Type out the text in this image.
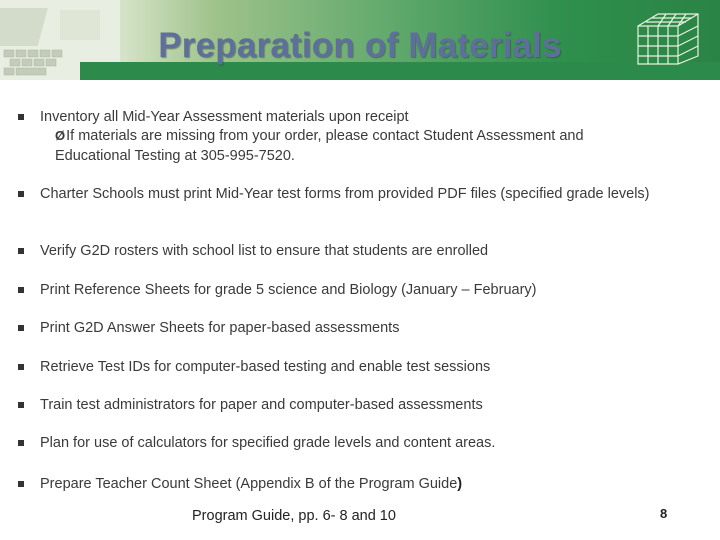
Preparation of Materials
Inventory all Mid-Year Assessment materials upon receipt
ØIf materials are missing from your order, please contact Student Assessment and
Educational Testing at 305-995-7520.
Charter Schools must print Mid-Year test forms from provided PDF files (specified grade levels)
Verify G2D rosters with school list to ensure that students are enrolled
Print Reference Sheets for grade 5 science and Biology (January – February)
Print G2D Answer Sheets for paper-based assessments
Retrieve Test IDs for computer-based testing and enable test sessions
Train test administrators for paper and computer-based assessments
Plan for use of calculators for specified grade levels and content areas.
Prepare Teacher Count Sheet (Appendix B of the Program Guide)
Program Guide, pp. 6- 8 and 10	8
